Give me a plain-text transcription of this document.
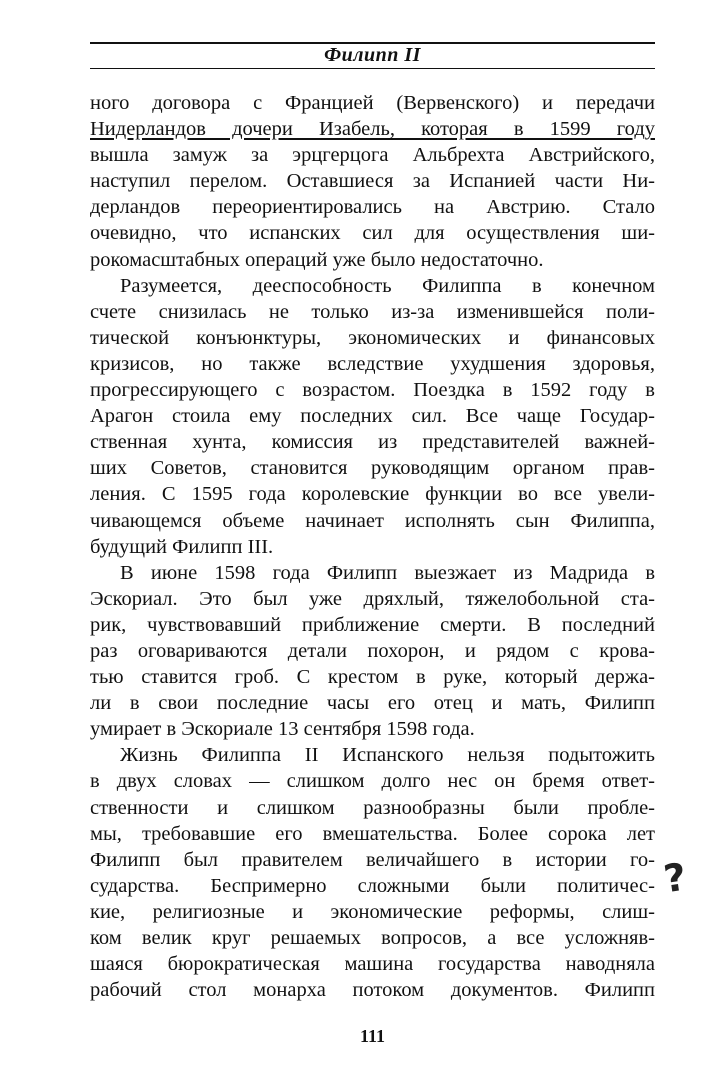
Филипп II
ного договора с Францией (Вервенского) и передачи
Нидерландов дочери Изабель, которая в 1599 году
вышла замуж за эрцгерцога Альбрехта Австрийского,
наступил перелом. Оставшиеся за Испанией части Ни-
дерландов переориентировались на Австрию. Стало
очевидно, что испанских сил для осуществления ши-
рокомасштабных операций уже было недостаточно.
Разумеется, дееспособность Филиппа в конечном
счете снизилась не только из-за изменившейся поли-
тической конъюнктуры, экономических и финансовых
кризисов, но также вследствие ухудшения здоровья,
прогрессирующего с возрастом. Поездка в 1592 году в
Арагон стоила ему последних сил. Все чаще Государ-
ственная хунта, комиссия из представителей важней-
ших Советов, становится руководящим органом прав-
ления. С 1595 года королевские функции во все увели-
чивающемся объеме начинает исполнять сын Филиппа,
будущий Филипп III.
В июне 1598 года Филипп выезжает из Мадрида в
Эскориал. Это был уже дряхлый, тяжелобольной ста-
рик, чувствовавший приближение смерти. В последний
раз оговариваются детали похорон, и рядом с крова-
тью ставится гроб. С крестом в руке, который держа-
ли в свои последние часы его отец и мать, Филипп
умирает в Эскориале 13 сентября 1598 года.
Жизнь Филиппа II Испанского нельзя подытожить
в двух словах — слишком долго нес он бремя ответ-
ственности и слишком разнообразны были пробле-
мы, требовавшие его вмешательства. Более сорока лет
Филипп был правителем величайшего в истории го-
сударства. Беспримерно сложными были политичес-
кие, религиозные и экономические реформы, слиш-
ком велик круг решаемых вопросов, а все усложняв-
шаяся бюрократическая машина государства наводняла
рабочий стол монарха потоком документов. Филипп
?
111
